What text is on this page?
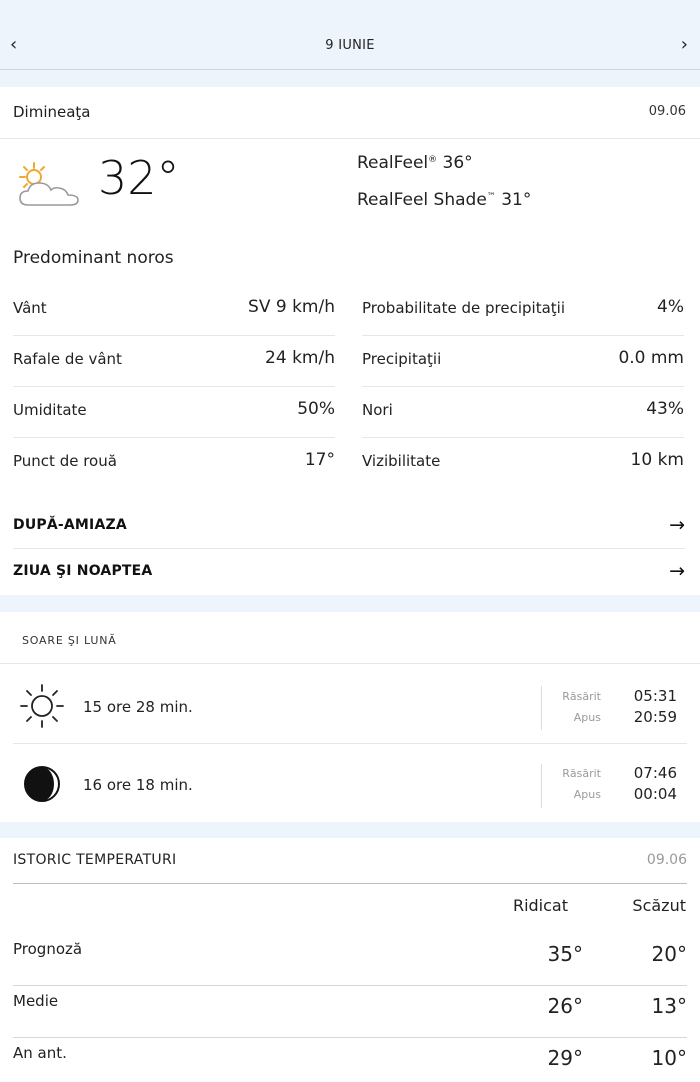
‹	9 IUNIE	›
Dimineaţa	09.06
32°	RealFeel® 36°
RealFeel Shade™ 31°
Predominant noros
Vânt	SV 9 km/h
Rafale de vânt	24 km/h
Umiditate	50%
Punct de rouă	17°
Probabilitate de precipitaţii	4%
Precipitaţii	0.0 mm
Nori	43%
Vizibilitate	10 km
DUPĂ-AMIAZA	→
ZIUA ŞI NOAPTEA	→
SOARE ŞI LUNĂ
15 ore 28 min.
Răsărit 05:31
Apus 20:59
16 ore 18 min.
Răsărit 07:46
Apus 00:04
ISTORIC TEMPERATURI	09.06
Ridicat	Scăzut
Prognoză	35°	20°
Medie	26°	13°
An ant.	29°	10°
